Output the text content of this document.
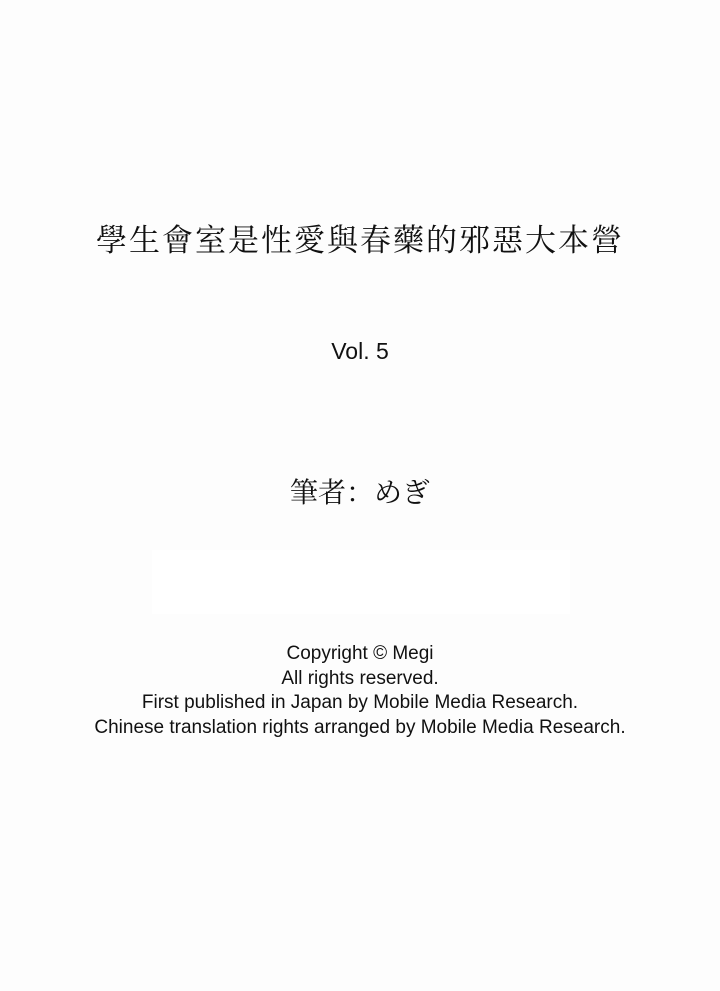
學生會室是性愛與春藥的邪惡大本營
Vol. 5
筆者：めぎ
Copyright © Megi
All rights reserved.
First published in Japan by Mobile Media Research.
Chinese translation rights arranged by Mobile Media Research.
